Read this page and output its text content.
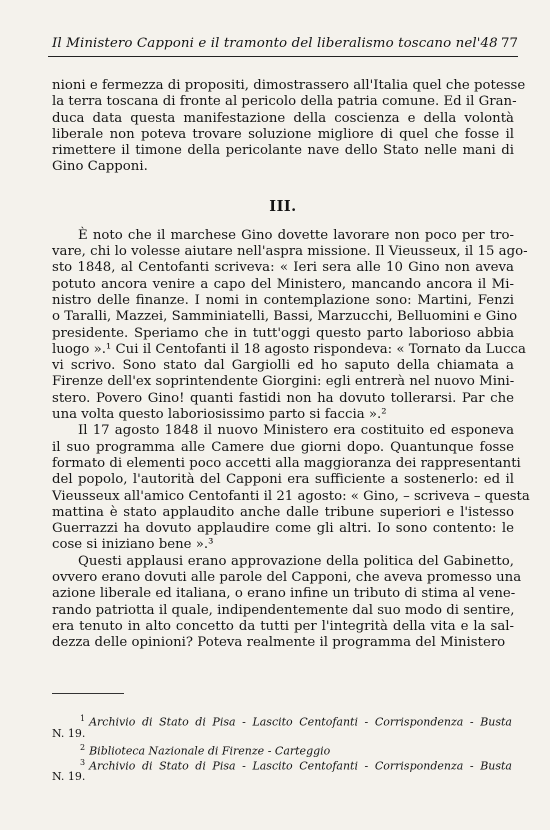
Il Ministero Capponi e il tramonto del liberalismo toscano nel'48 77
nioni e fermezza di propositi, dimostrassero all'Italia quel che potesse
la terra toscana di fronte al pericolo della patria comune. Ed il Gran-
duca data questa manifestazione della coscienza e della volontà
liberale non poteva trovare soluzione migliore di quel che fosse il
rimettere il timone della pericolante nave dello Stato nelle mani di
Gino Capponi.
III.
È noto che il marchese Gino dovette lavorare non poco per tro-
vare, chi lo volesse aiutare nell'aspra missione. Il Vieusseux, il 15 ago-
sto 1848, al Centofanti scriveva: « Ieri sera alle 10 Gino non aveva
potuto ancora venire a capo del Ministero, mancando ancora il Mi-
nistro delle finanze. I nomi in contemplazione sono: Martini, Fenzi
o Taralli, Mazzei, Samminiatelli, Bassi, Marzucchi, Belluomini e Gino
presidente. Speriamo che in tutt'oggi questo parto laborioso abbia
luogo ».¹ Cui il Centofanti il 18 agosto rispondeva: « Tornato da Lucca
vi scrivo. Sono stato dal Gargiolli ed ho saputo della chiamata a
Firenze dell'ex soprintendente Giorgini: egli entrerà nel nuovo Mini-
stero. Povero Gino! quanti fastidi non ha dovuto tollerarsi. Par che
una volta questo laboriosissimo parto si faccia ».²
Il 17 agosto 1848 il nuovo Ministero era costituito ed esponeva
il suo programma alle Camere due giorni dopo. Quantunque fosse
formato di elementi poco accetti alla maggioranza dei rappresentanti
del popolo, l'autorità del Capponi era sufficiente a sostenerlo: ed il
Vieusseux all'amico Centofanti il 21 agosto: « Gino, – scriveva – questa
mattina è stato applaudito anche dalle tribune superiori e l'istesso
Guerrazzi ha dovuto applaudire come gli altri. Io sono contento: le
cose si iniziano bene ».³
Questi applausi erano approvazione della politica del Gabinetto,
ovvero erano dovuti alle parole del Capponi, che aveva promesso una
azione liberale ed italiana, o erano infine un tributo di stima al vene-
rando patriotta il quale, indipendentemente dal suo modo di sentire,
era tenuto in alto concetto da tutti per l'integrità della vita e la sal-
dezza delle opinioni? Poteva realmente il programma del Ministero
$^1$ Archivio di Stato di Pisa - Lascito Centofanti - Corrispondenza - Busta
N. 19.
$^2$ Biblioteca Nazionale di Firenze - Carteggio
$^3$ Archivio di Stato di Pisa - Lascito Centofanti - Corrispondenza - Busta
N. 19.
